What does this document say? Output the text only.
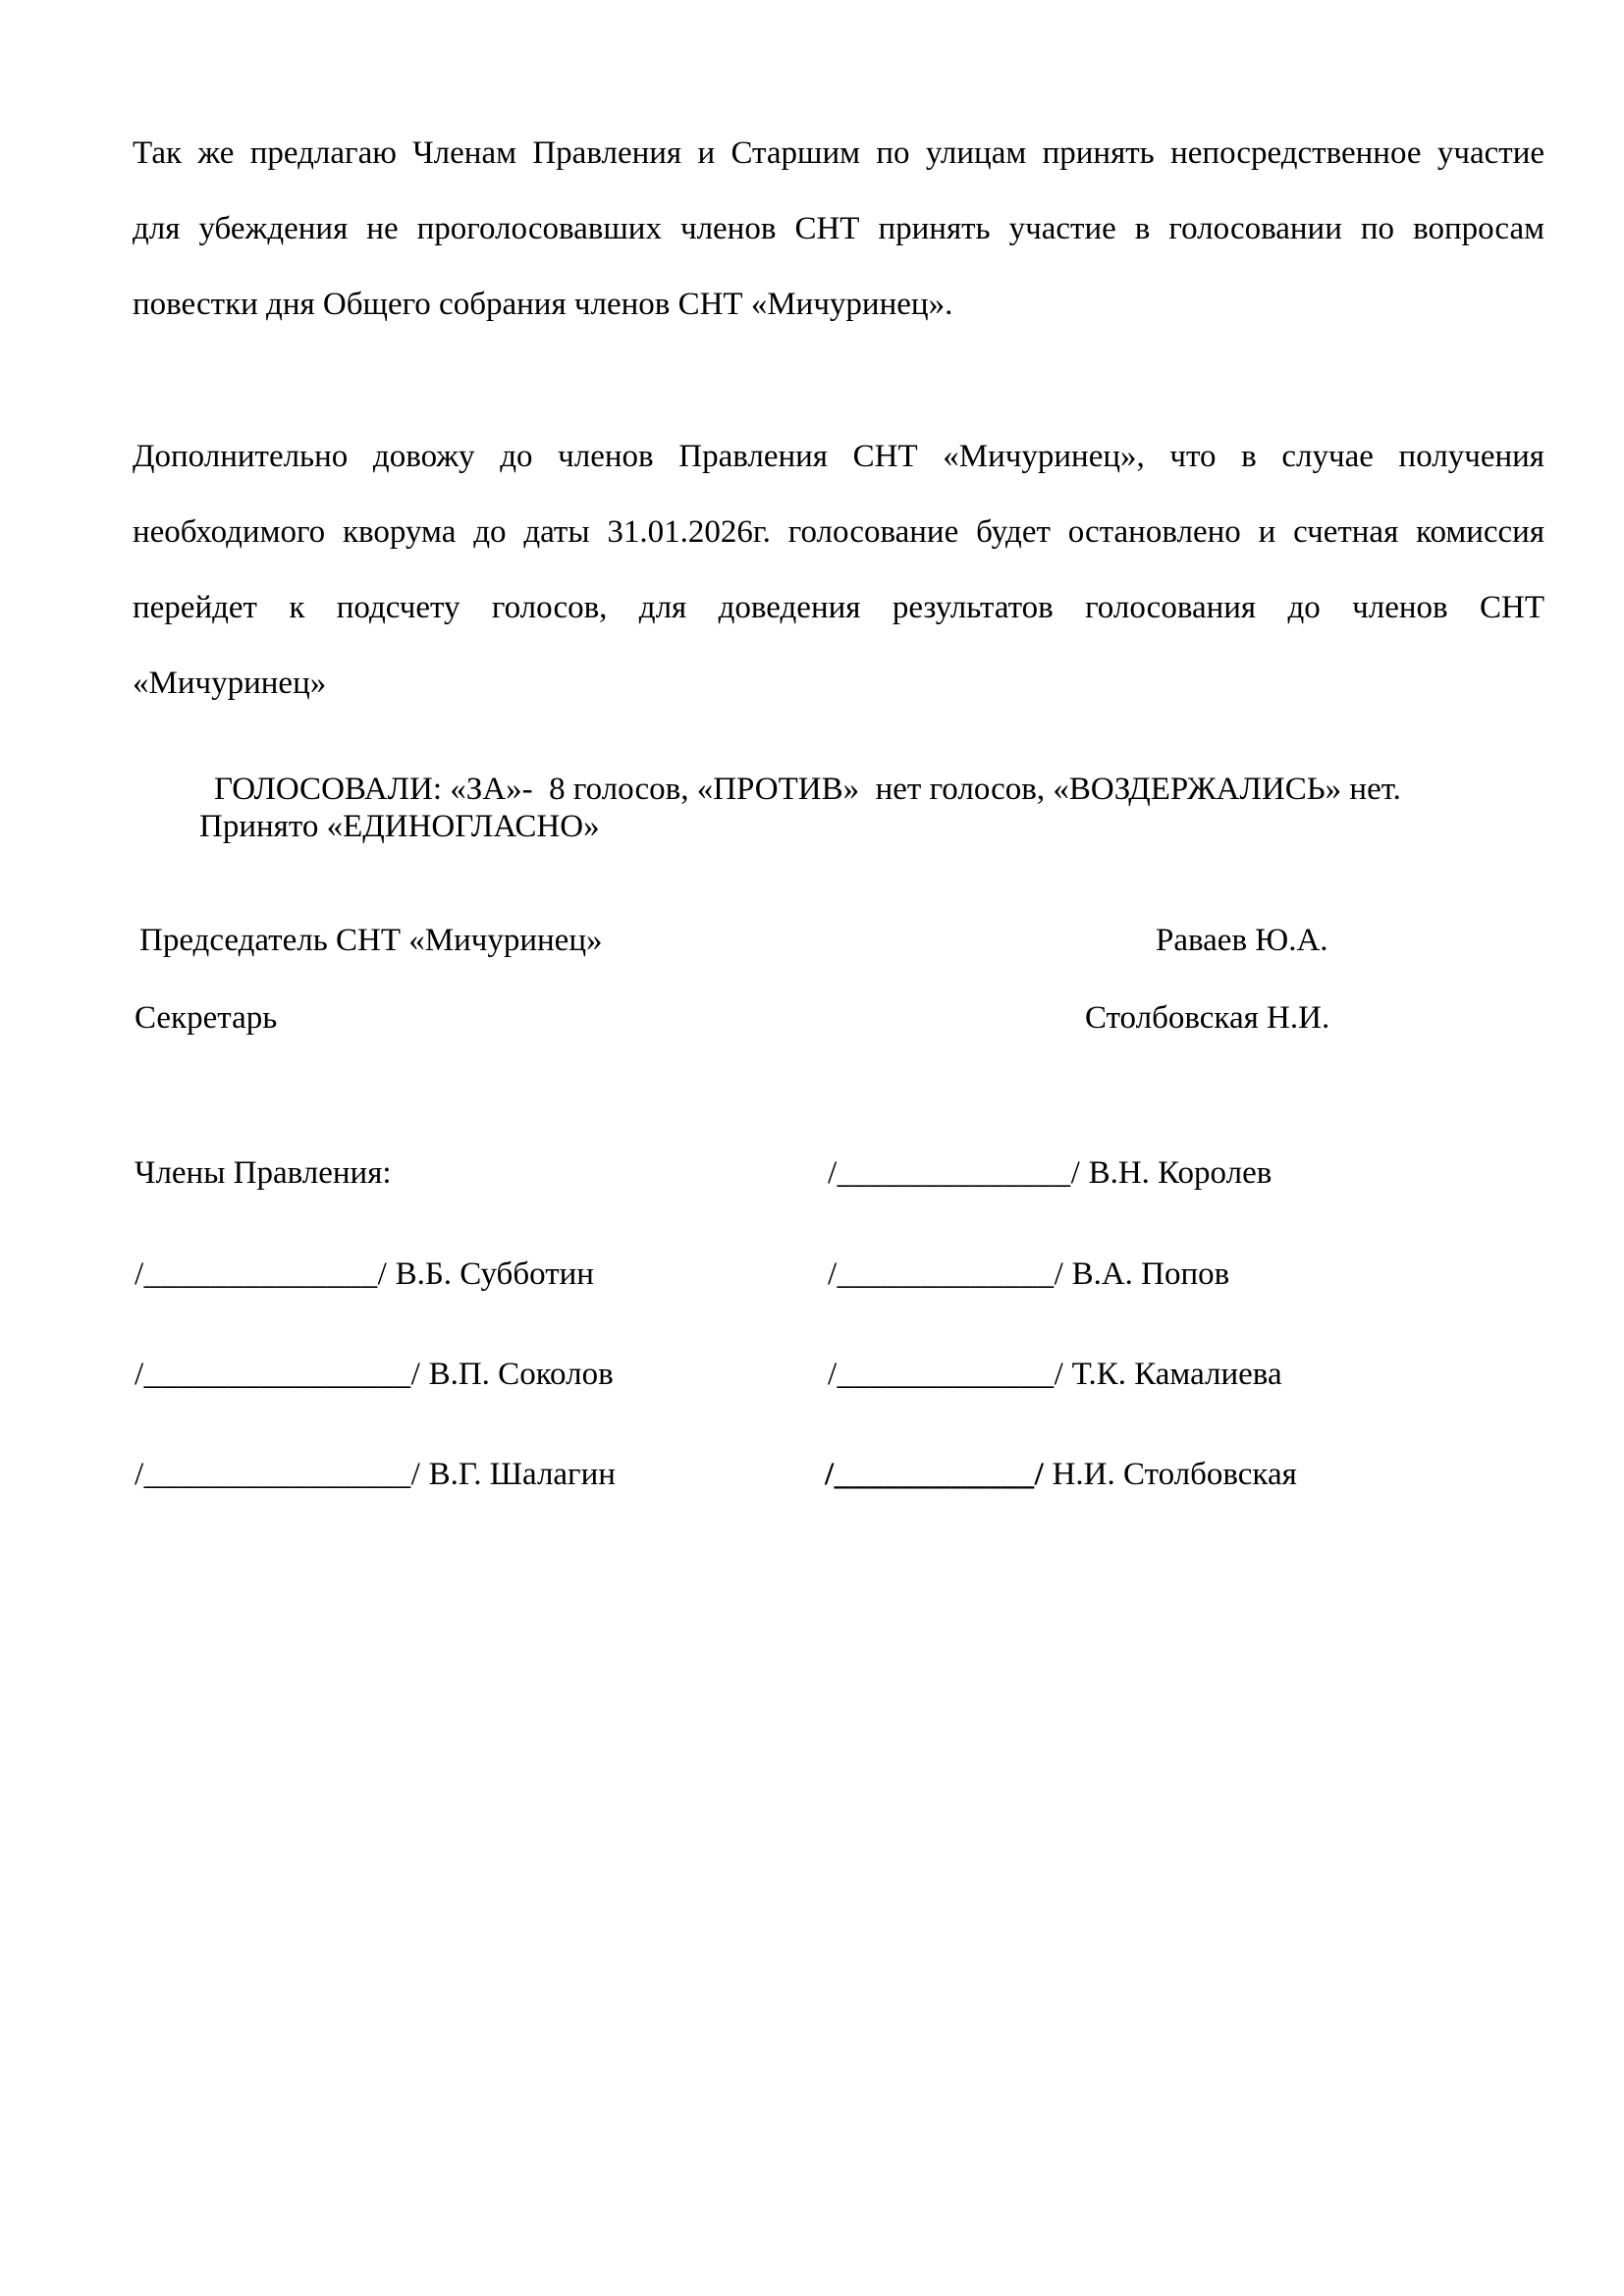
Так же предлагаю Членам Правления и Старшим по улицам принять непосредственное участие
для убеждения не проголосовавших членов СНТ принять участие в голосовании по вопросам
повестки дня Общего собрания членов СНТ «Мичуринец».
Дополнительно довожу до членов Правления СНТ «Мичуринец», что в случае получения
необходимого кворума до даты 31.01.2026г. голосование будет остановлено и счетная комиссия
перейдет к подсчету голосов, для доведения результатов голосования до членов СНТ
«Мичуринец»
ГОЛОСОВАЛИ: «ЗА»-  8 голосов, «ПРОТИВ»  нет голосов, «ВОЗДЕРЖАЛИСЬ» нет.
Принято «ЕДИНОГЛАСНО»
Председатель СНТ «Мичуринец»	Раваев Ю.А.
Секретарь	Столбовская Н.И.
Члены Правления:	/______________/ В.Н. Королев
/______________/ В.Б. Субботин	/_____________/ В.А. Попов
/________________/ В.П. Соколов	/_____________/ Т.К. Камалиева
/________________/ В.Г. Шалагин	/____________/ Н.И. Столбовская
